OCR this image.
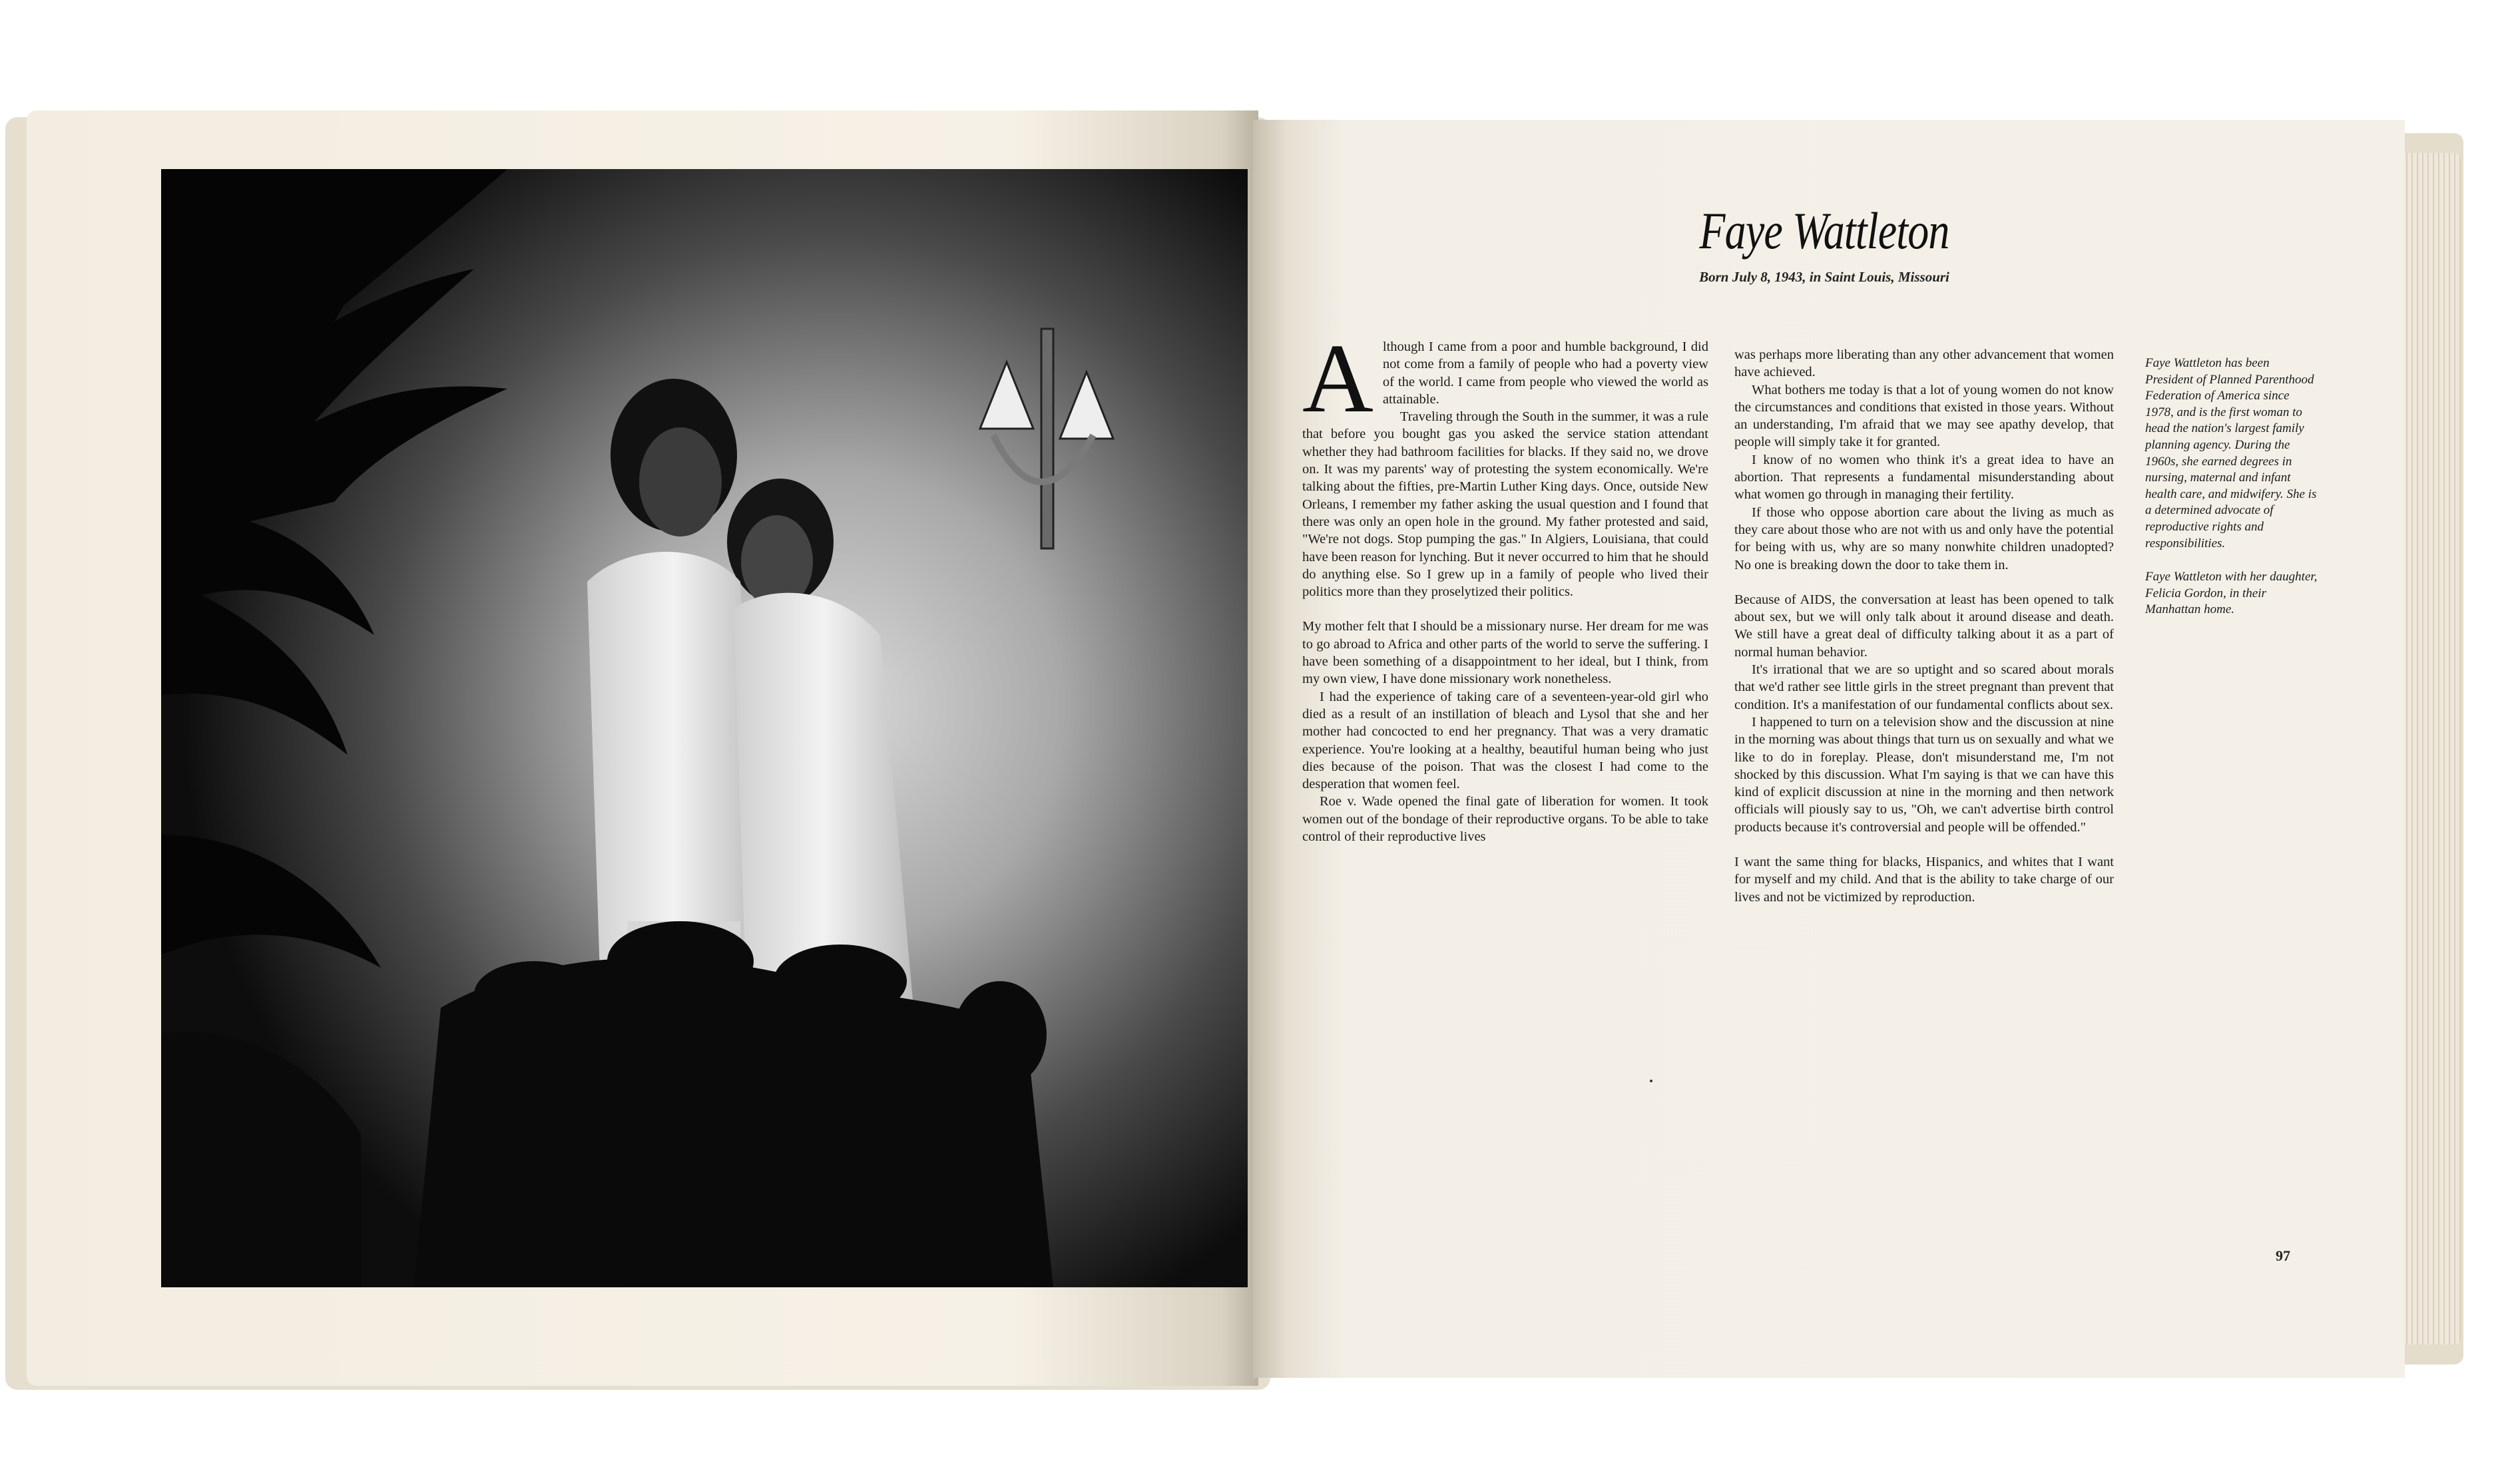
Faye Wattleton
Born July 8, 1943, in Saint Louis, Missouri

Although I came from a poor and humble background, I did not come from a family of people who had a poverty view of the world. I came from people who viewed the world as attainable.

Traveling through the South in the summer, it was a rule that before you bought gas you asked the service station attendant whether they had bathroom facilities for blacks. If they said no, we drove on. It was my parents' way of protesting the system economically. We're talking about the fifties, pre-Martin Luther King days. Once, outside New Orleans, I remember my father asking the usual question and I found that there was only an open hole in the ground. My father protested and said, "We're not dogs. Stop pumping the gas." In Algiers, Louisiana, that could have been reason for lynching. But it never occurred to him that he should do anything else. So I grew up in a family of people who lived their politics more than they proselytized their politics.

My mother felt that I should be a missionary nurse. Her dream for me was to go abroad to Africa and other parts of the world to serve the suffering. I have been something of a disappointment to her ideal, but I think, from my own view, I have done missionary work nonetheless.

I had the experience of taking care of a seventeen-year-old girl who died as a result of an instillation of bleach and Lysol that she and her mother had concocted to end her pregnancy. That was a very dramatic experience. You're looking at a healthy, beautiful human being who just dies because of the poison. That was the closest I had come to the desperation that women feel.

Roe v. Wade opened the final gate of liberation for women. It took women out of the bondage of their reproductive organs. To be able to take control of their reproductive lives

was perhaps more liberating than any other advancement that women have achieved.

What bothers me today is that a lot of young women do not know the circumstances and conditions that existed in those years. Without an understanding, I'm afraid that we may see apathy develop, that people will simply take it for granted.

I know of no women who think it's a great idea to have an abortion. That represents a fundamental misunderstanding about what women go through in managing their fertility.

If those who oppose abortion care about the living as much as they care about those who are not with us and only have the potential for being with us, why are so many nonwhite children unadopted? No one is breaking down the door to take them in.

Because of AIDS, the conversation at least has been opened to talk about sex, but we will only talk about it around disease and death. We still have a great deal of difficulty talking about it as a part of normal human behavior.

It's irrational that we are so uptight and so scared about morals that we'd rather see little girls in the street pregnant than prevent that condition. It's a manifestation of our fundamental conflicts about sex.

I happened to turn on a television show and the discussion at nine in the morning was about things that turn us on sexually and what we like to do in foreplay. Please, don't misunderstand me, I'm not shocked by this discussion. What I'm saying is that we can have this kind of explicit discussion at nine in the morning and then network officials will piously say to us, "Oh, we can't advertise birth control products because it's controversial and people will be offended."

I want the same thing for blacks, Hispanics, and whites that I want for myself and my child. And that is the ability to take charge of our lives and not be victimized by reproduction.

Faye Wattleton has been President of Planned Parenthood Federation of America since 1978, and is the first woman to head the nation's largest family planning agency. During the 1960s, she earned degrees in nursing, maternal and infant health care, and midwifery. She is a determined advocate of reproductive rights and responsibilities.

Faye Wattleton with her daughter, Felicia Gordon, in their Manhattan home.

97
